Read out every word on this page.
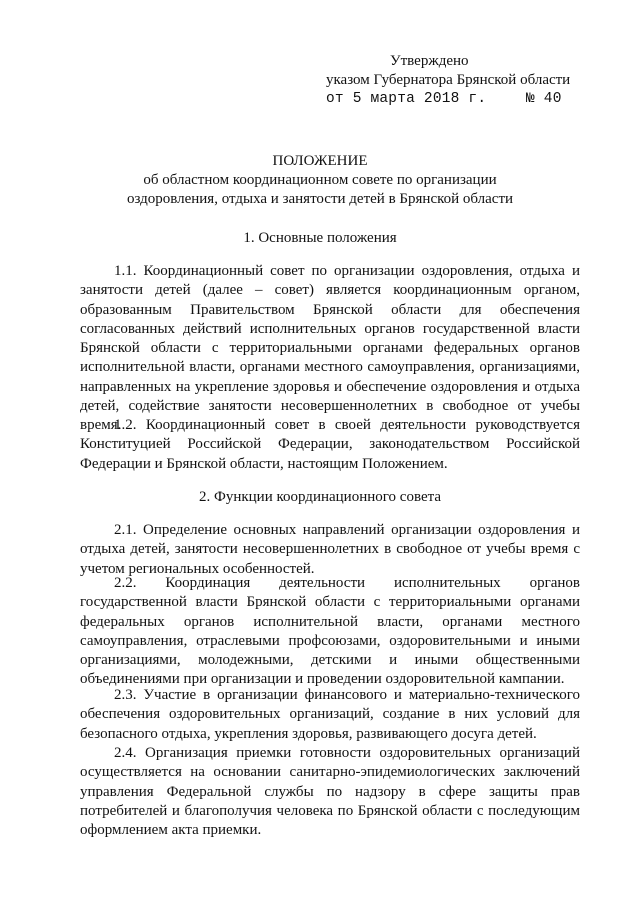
Утверждено
указом Губернатора Брянской области
от 5 марта 2018 г.	№ 40
ПОЛОЖЕНИЕ
об областном координационном совете по организации
оздоровления, отдыха и занятости детей в Брянской области
1. Основные положения
1.1. Координационный совет по организации оздоровления, отдыха и занятости детей (далее – совет) является координационным органом, образованным Правительством Брянской области для обеспечения согласованных действий исполнительных органов государственной власти Брянской области с территориальными органами федеральных органов исполнительной власти, органами местного самоуправления, организациями, направленных на укрепление здоровья и обеспечение оздоровления и отдыха детей, содействие занятости несовершеннолетних в свободное от учебы время.
1.2. Координационный совет в своей деятельности руководствуется Конституцией Российской Федерации, законодательством Российской Федерации и Брянской области, настоящим Положением.
2. Функции координационного совета
2.1. Определение основных направлений организации оздоровления и отдыха детей, занятости несовершеннолетних в свободное от учебы время с учетом региональных особенностей.
2.2. Координация деятельности исполнительных органов государственной власти Брянской области с территориальными органами федеральных органов исполнительной власти, органами местного самоуправления, отраслевыми профсоюзами, оздоровительными и иными организациями, молодежными, детскими и иными общественными объединениями при организации и проведении оздоровительной кампании.
2.3. Участие в организации финансового и материально-технического обеспечения оздоровительных организаций, создание в них условий для безопасного отдыха, укрепления здоровья, развивающего досуга детей.
2.4. Организация приемки готовности оздоровительных организаций осуществляется на основании санитарно-эпидемиологических заключений управления Федеральной службы по надзору в сфере защиты прав потребителей и благополучия человека по Брянской области с последующим оформлением акта приемки.
